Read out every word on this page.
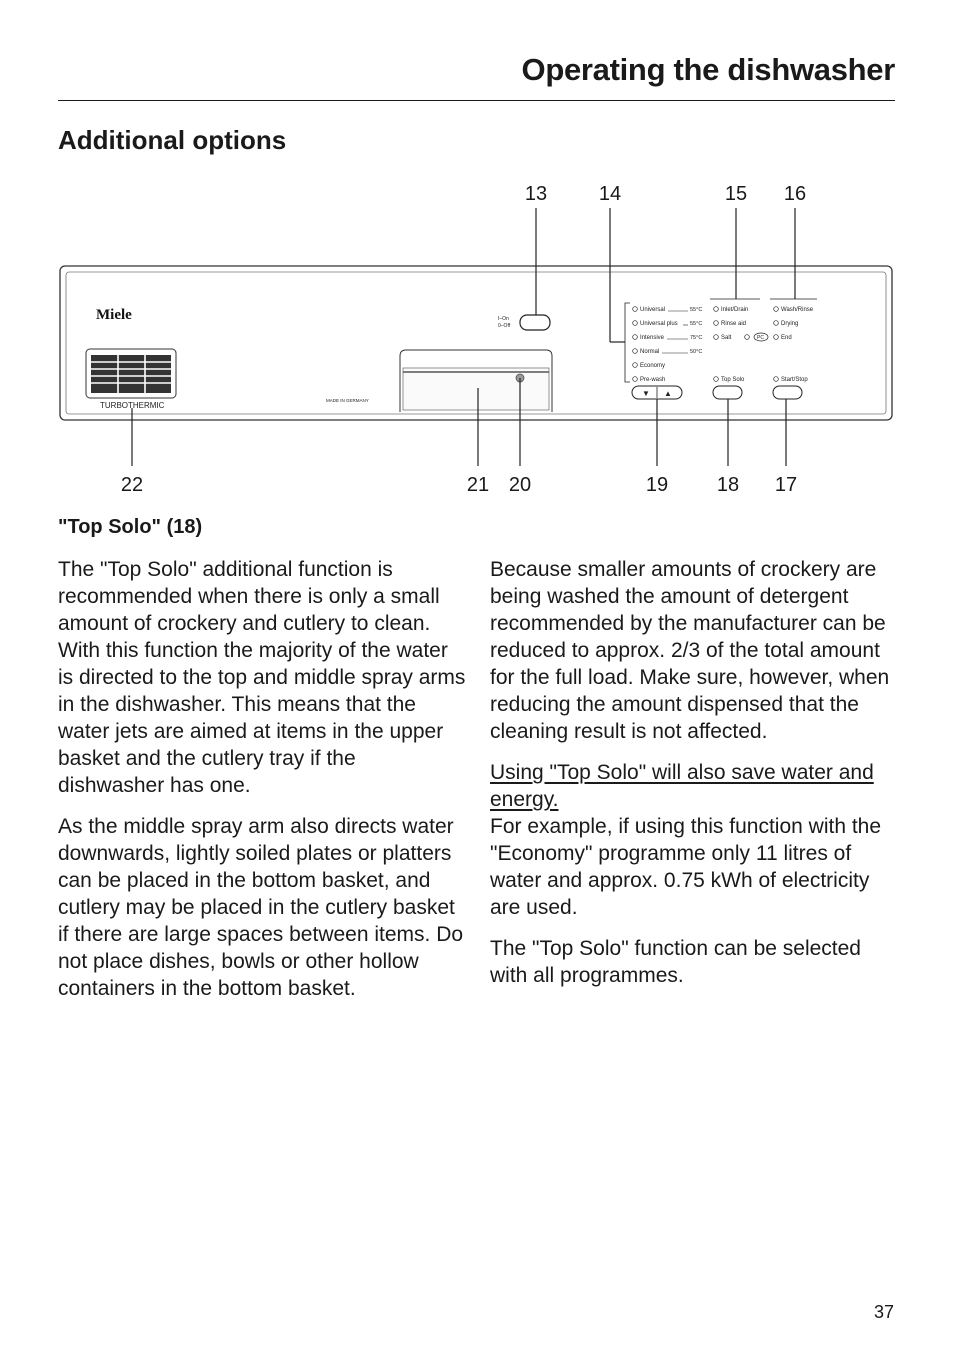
Operating the dishwasher
Additional options
Miele
TURBOTHERMIC
MADE IN GERMANY
I–On
0–Off
Universal	55°C
Universal plus 55°C
Intensive	75°C
Normal	50°C
Economy
Pre-wash
Inlet/Drain
Rinse aid
Salt	PC
Wash/Rinse
Drying
End
Top Solo	Start/Stop
▼ ▲
13	14	15 16
22	21 20	19 18 17
"Top Solo" (18)

The "Top Solo" additional function is recommended when there is only a small amount of crockery and cutlery to clean. With this function the majority of the water is directed to the top and middle spray arms in the dishwasher. This means that the water jets are aimed at items in the upper basket and the cutlery tray if the dishwasher has one.

As the middle spray arm also directs water downwards, lightly soiled plates or platters can be placed in the bottom basket, and cutlery may be placed in the cutlery basket if there are large spaces between items. Do not place dishes, bowls or other hollow containers in the bottom basket.

Because smaller amounts of crockery are being washed the amount of detergent recommended by the manufacturer can be reduced to approx. 2/3 of the total amount for the full load. Make sure, however, when reducing the amount dispensed that the cleaning result is not affected.

Using "Top Solo" will also save water and energy.

For example, if using this function with the "Economy" programme only 11 litres of water and approx. 0.75 kWh of electricity are used.

The "Top Solo" function can be selected with all programmes.

37
